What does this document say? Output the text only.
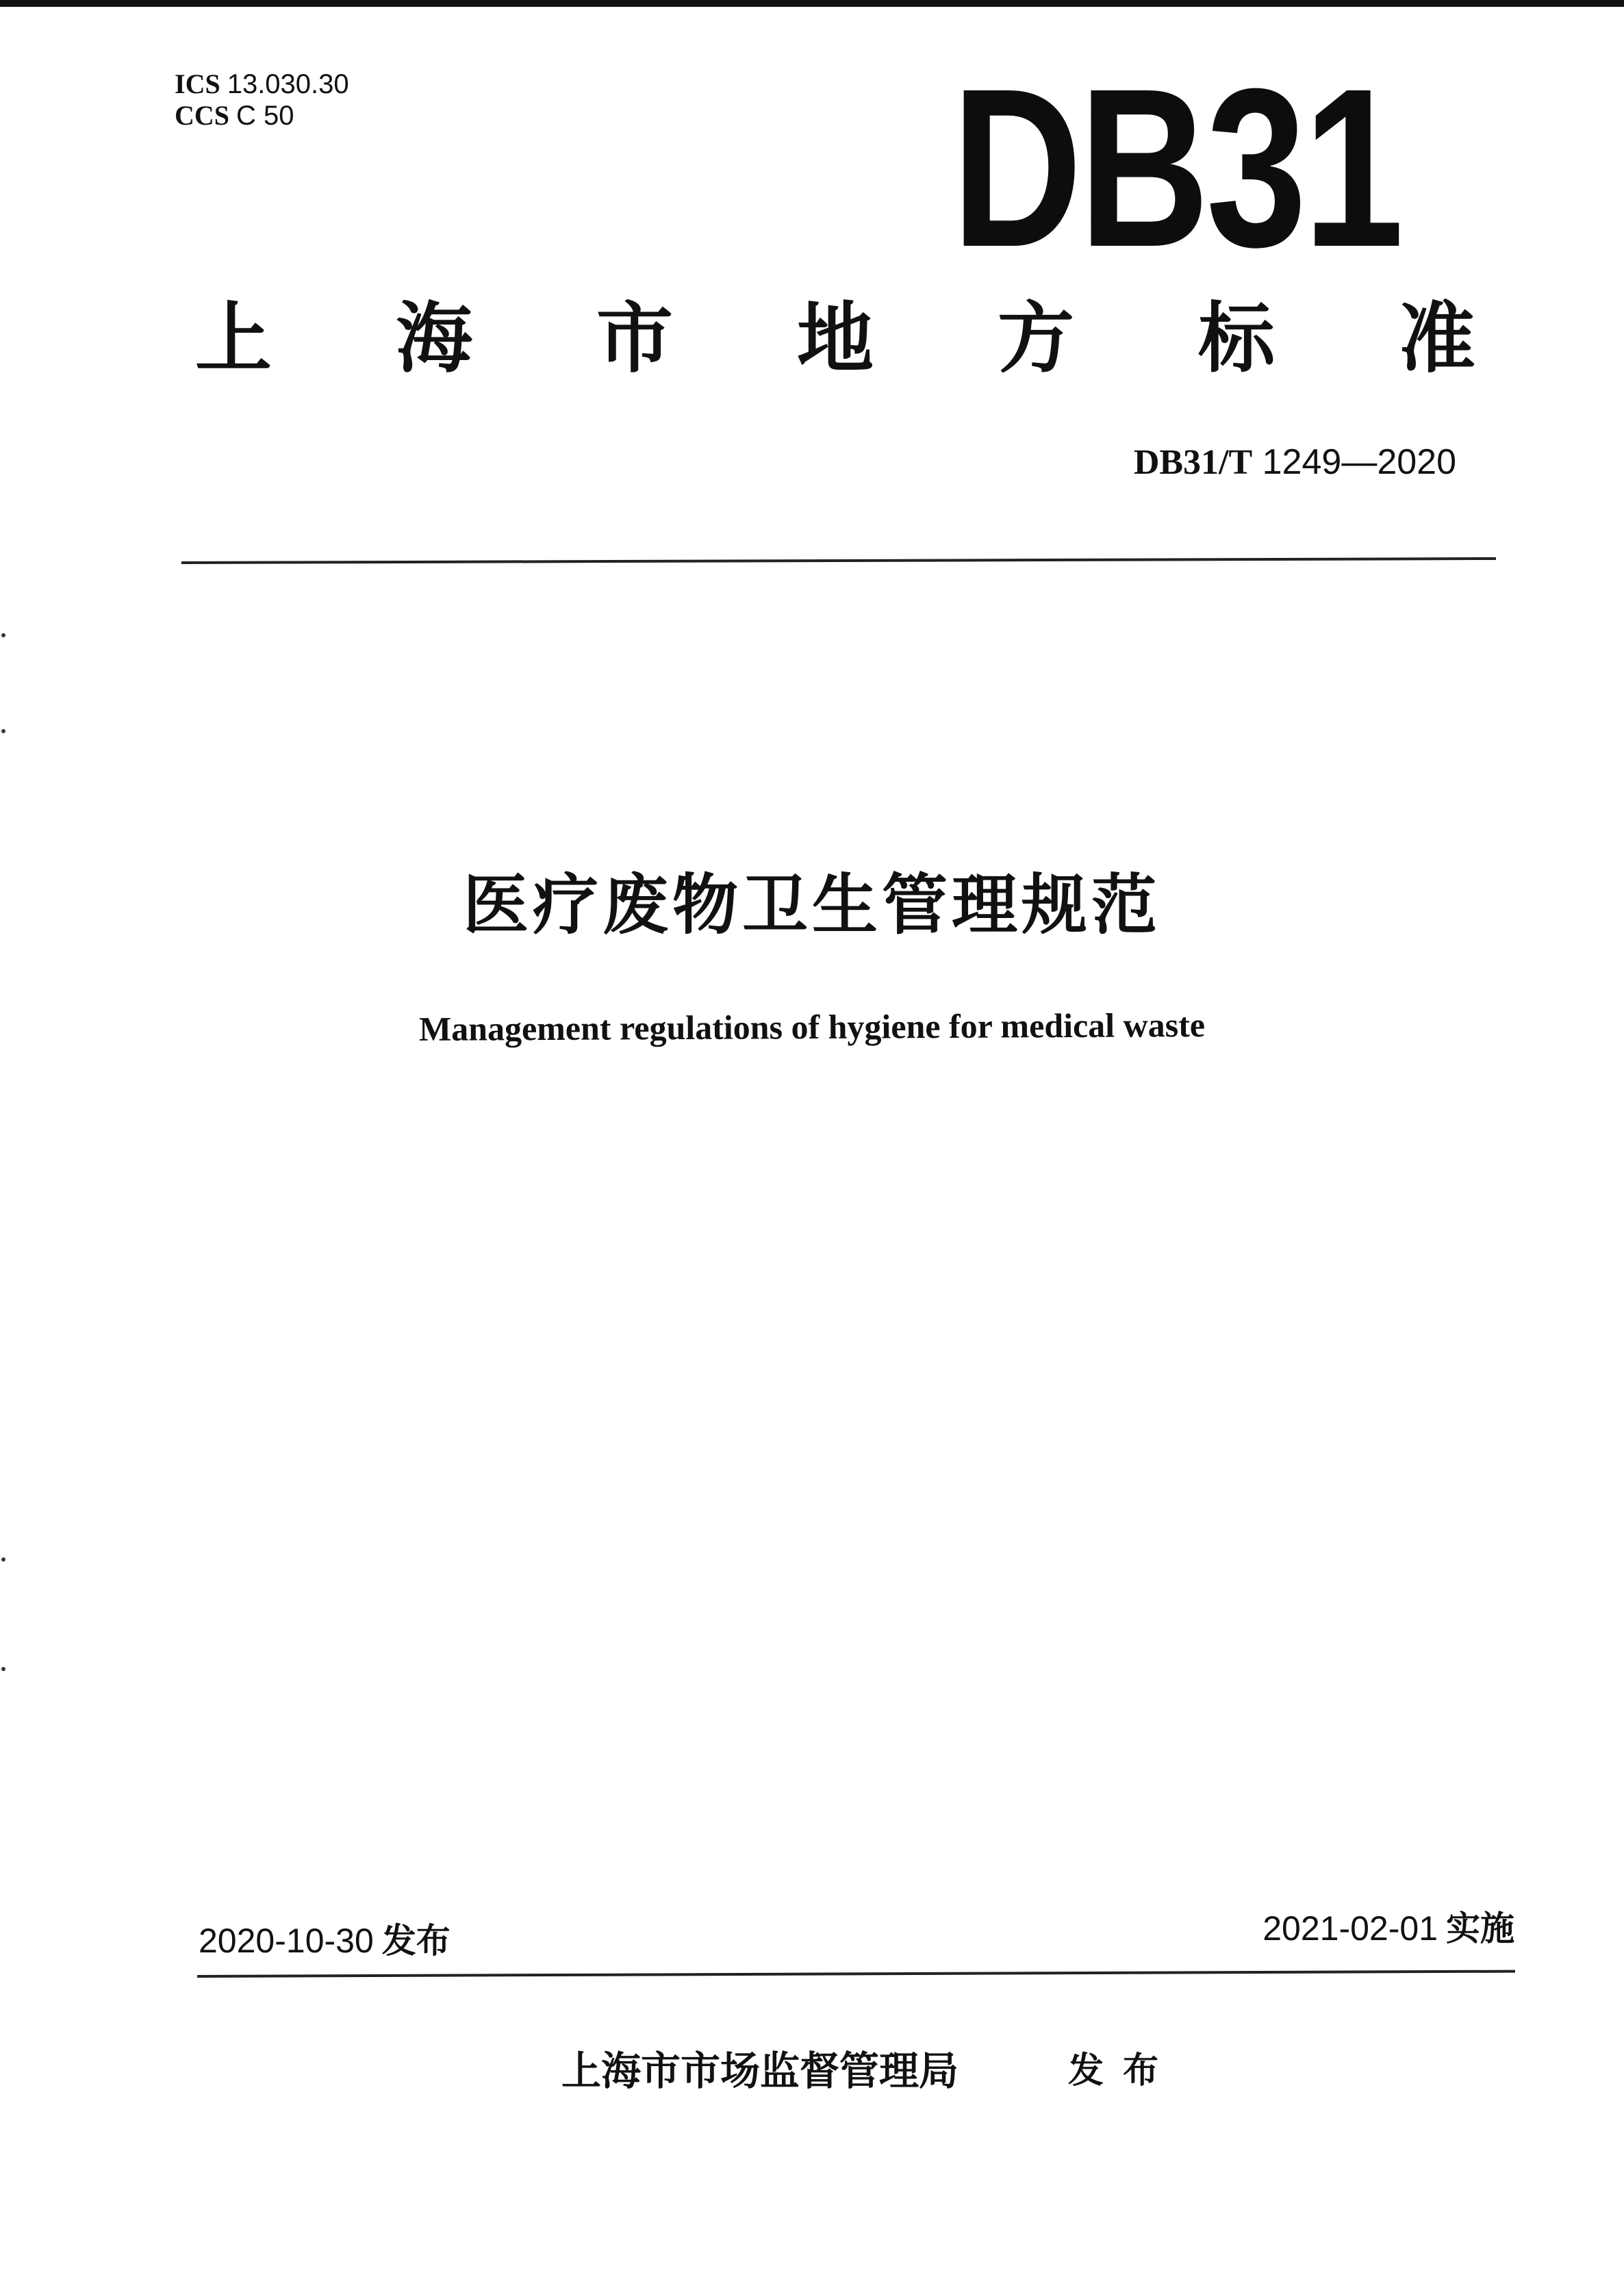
ICS 13.030.30
CCS C 50	DB31
上 海 市 地 方 标 准
DB31/T 1249—2020
医疗废物卫生管理规范
Management regulations of hygiene for medical waste
2020-10-30 发布	2021-02-01 实施
上海市市场监督管理局	发布
